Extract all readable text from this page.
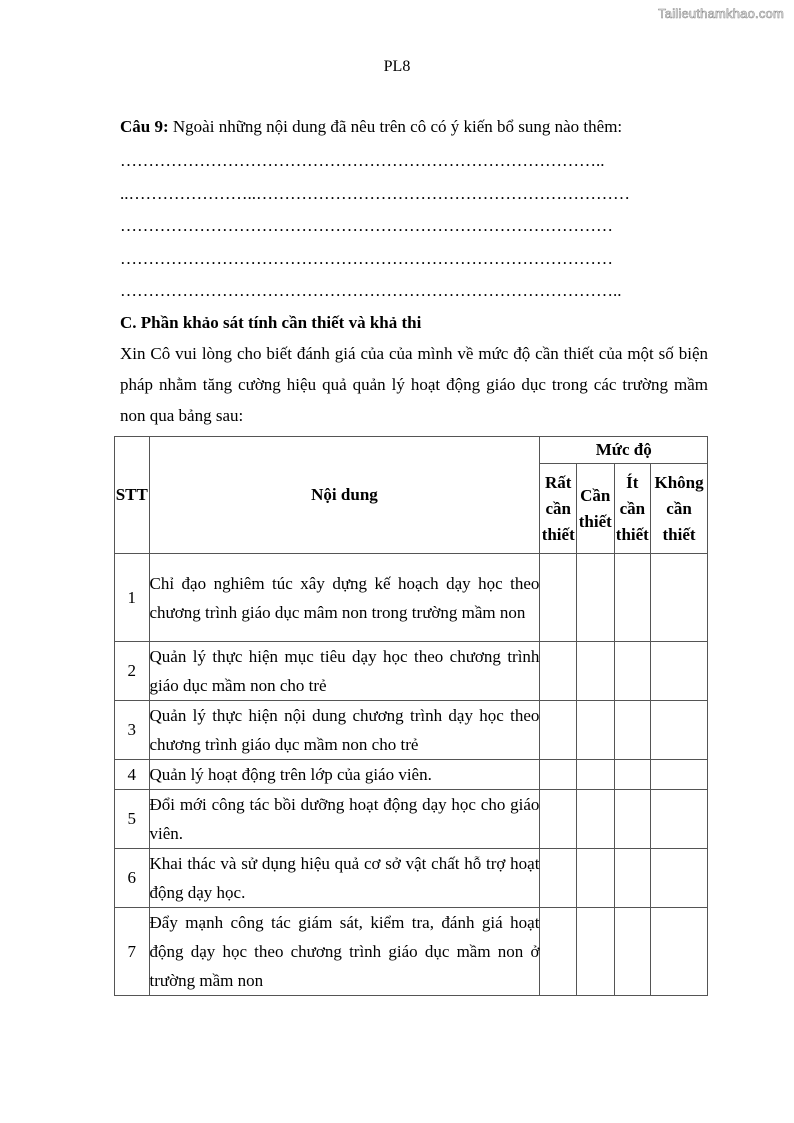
Tailieuthamkhao.com
PL8

Câu 9: Ngoài những nội dung đã nêu trên cô có ý kiến bổ sung nào thêm:

…………………………………………………………………………..

..…………………..…………………………………………………………

……………………………………………………………………………

……………………………………………………………………………

……………………………………………………………………………..

C. Phần khảo sát tính cần thiết và khả thi

Xin Cô vui lòng cho biết đánh giá của của mình về mức độ cần thiết của một số biện pháp nhằm tăng cường hiệu quả quản lý hoạt động giáo dục trong các trường mầm non qua bảng sau:

STT	Nội dung	Mức độ			
		Rất cần thiết	Cần thiết	Ít cần thiết	Không cần thiết
1	Chỉ đạo nghiêm túc xây dựng kế hoạch dạy học theo chương trình giáo dục mâm non trong trường mầm non				
2	Quản lý thực hiện mục tiêu dạy học theo chương trình giáo dục mầm non cho trẻ				
3	Quản lý thực hiện nội dung chương trình dạy học theo chương trình giáo dục mầm non cho trẻ				
4	Quản lý hoạt động trên lớp của giáo viên.				
5	Đổi mới công tác bồi dưỡng hoạt động dạy học cho giáo viên.				
6	Khai thác và sử dụng hiệu quả cơ sở vật chất hỗ trợ hoạt động dạy học.				
7	Đẩy mạnh công tác giám sát, kiểm tra, đánh giá hoạt động dạy học theo chương trình giáo dục mầm non ở trường mầm non				
